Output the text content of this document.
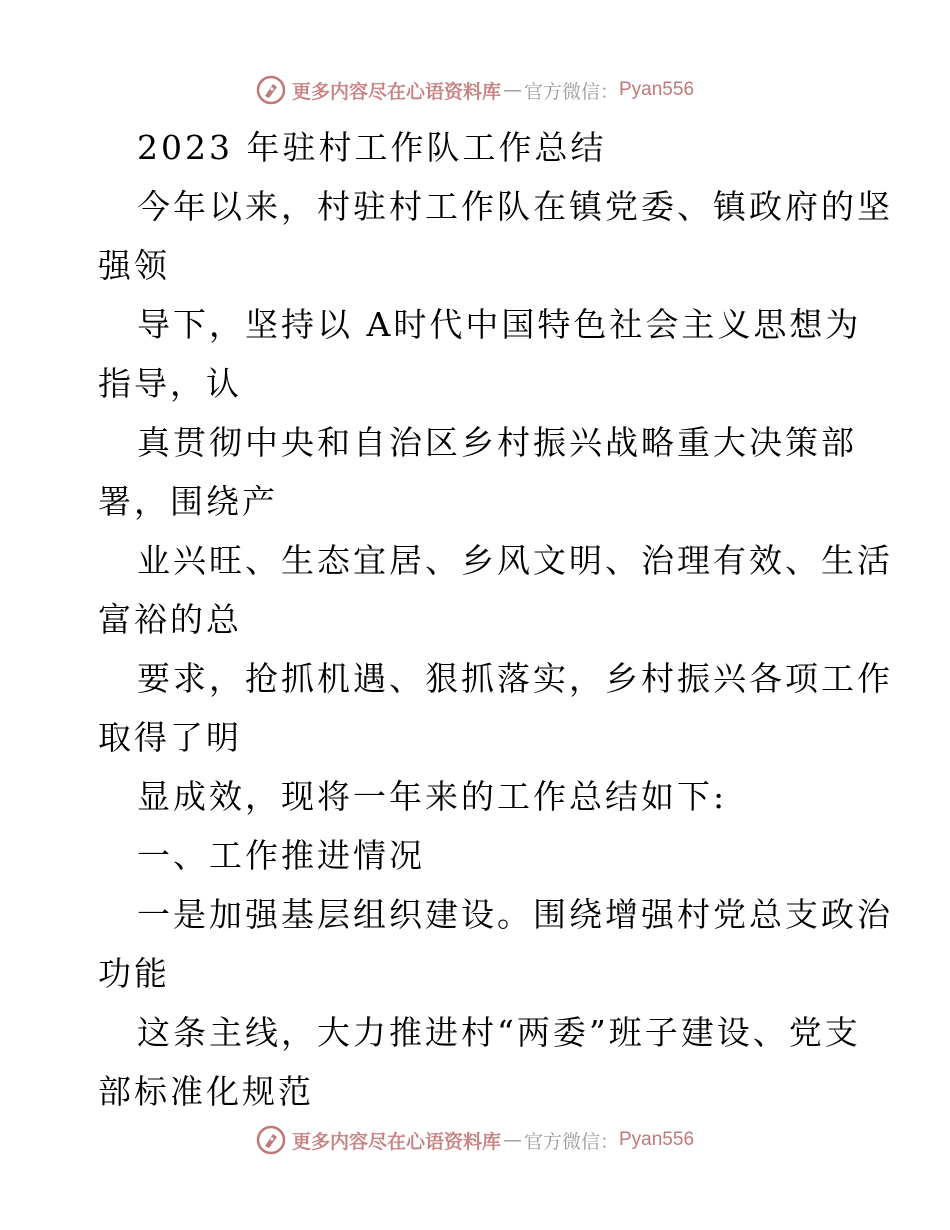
更多内容尽在心语资料库 — 官方微信： Pyan556
2023 年驻村工作队工作总结
今年以来，村驻村工作队在镇党委、镇政府的坚
强领
导下，坚持以 A时代中国特色社会主义思想为
指导，认
真贯彻中央和自治区乡村振兴战略重大决策部
署，围绕产
业兴旺、生态宜居、乡风文明、治理有效、生活
富裕的总
要求，抢抓机遇、狠抓落实，乡村振兴各项工作
取得了明
显成效，现将一年来的工作总结如下:
一、工作推进情况
一是加强基层组织建设。围绕增强村党总支政治
功能
这条主线，大力推进村“两委”班子建设、党支
部标准化规范
更多内容尽在心语资料库 — 官方微信： Pyan556
